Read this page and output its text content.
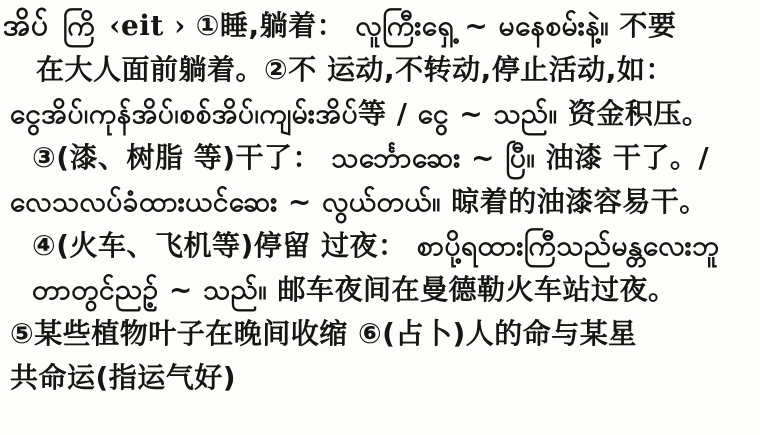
အိပ် ကြိ ‹eit › ①睡,躺着： လူကြီးရှေ့ ~ မနေစမ်းနဲ့။ 不要
在大人面前躺着。②不 运动,不转动,停止活动,如：
ငွေအိပ်၊ကုန်အိပ်၊စစ်အိပ်၊ကျမ်းအိပ်等 / ငွေ ~ သည်။ 资金积压。
③(漆、树脂 等)干了： သင်္ဘောဆေး ~ ပြီ။ 油漆 干了。/
လေသလပ်ခံထားယင်ဆေး ~ လွယ်တယ်။ 晾着的油漆容易干。
④(火车、飞机等)停留 过夜： စာပို့ရထားကြီသည်မန္တလေးဘူ
တာတွင်ညဉ့် ~ သည်။ 邮车夜间在曼德勒火车站过夜。
⑤某些植物叶子在晚间收缩 ⑥(占卜)人的命与某星
共命运(指运气好)
